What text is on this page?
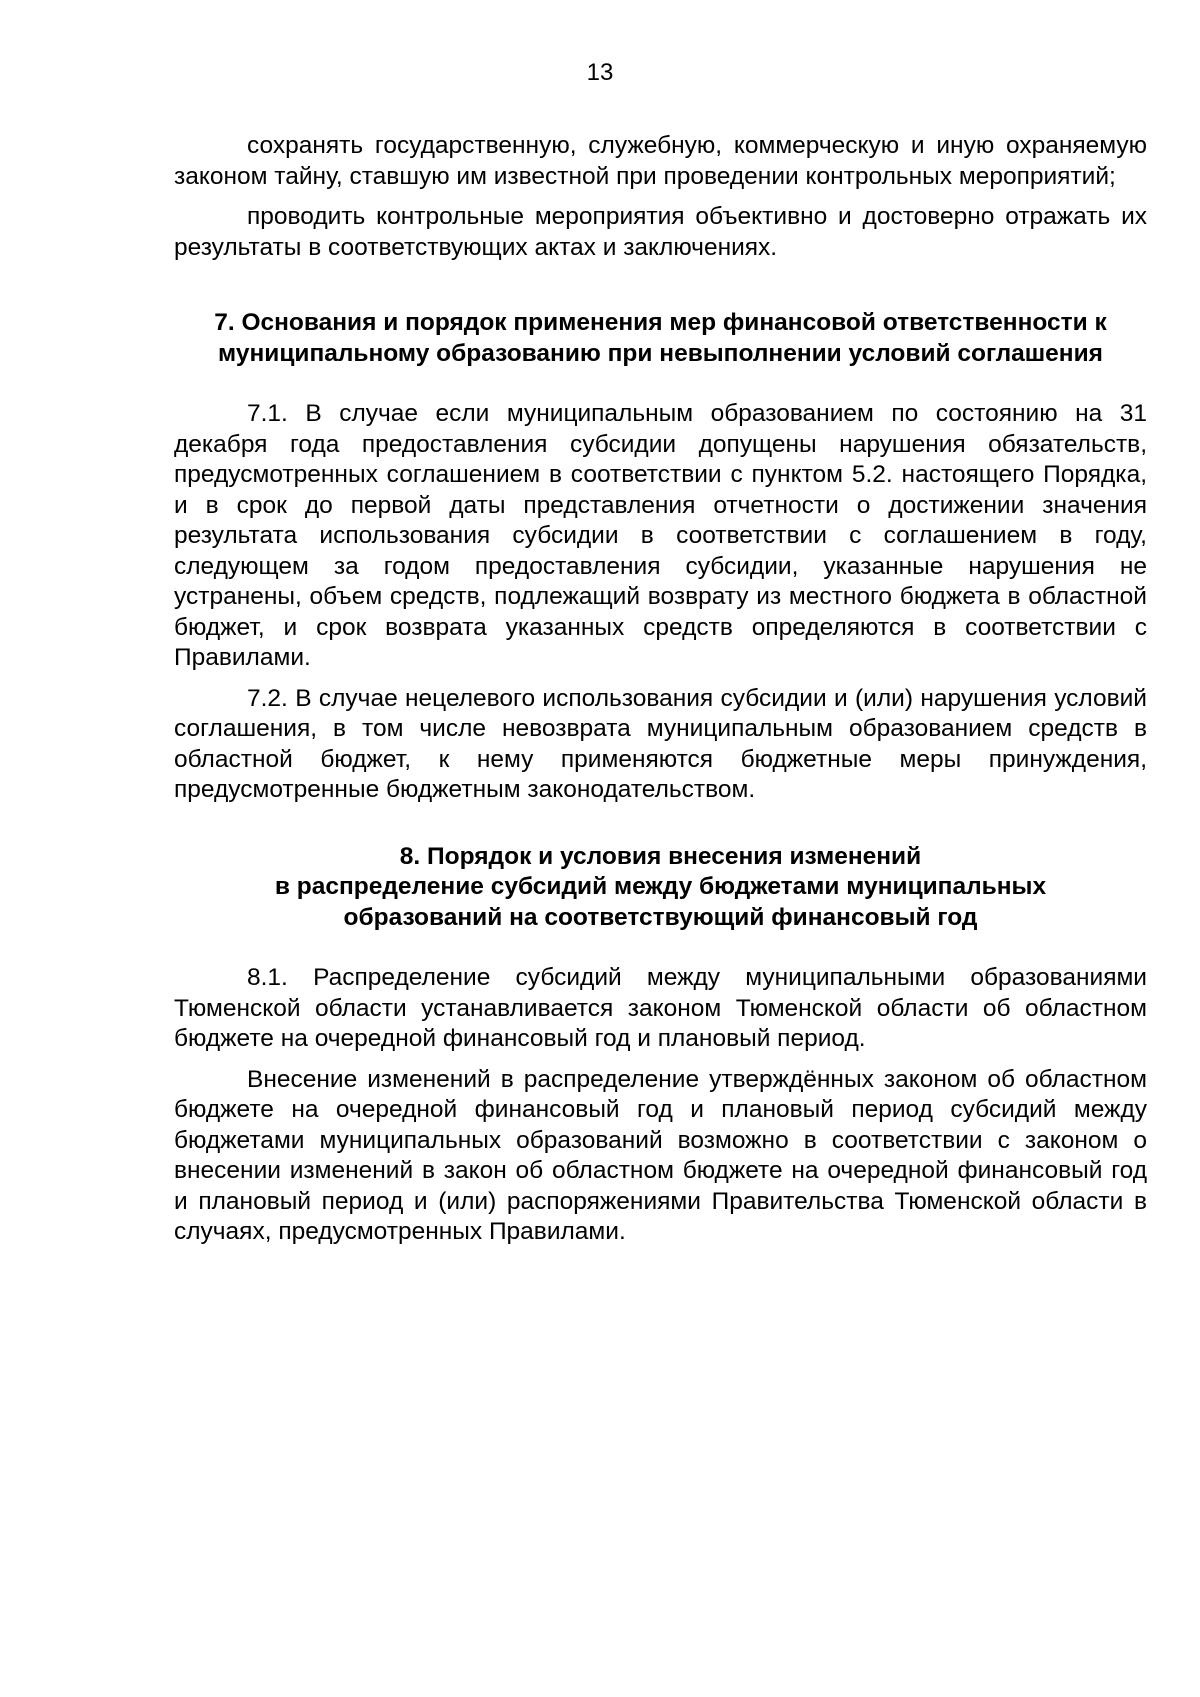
13

сохранять государственную, служебную, коммерческую и иную охраняемую законом тайну, ставшую им известной при проведении контрольных мероприятий;

проводить контрольные мероприятия объективно и достоверно отражать их результаты в соответствующих актах и заключениях.

7. Основания и порядок применения мер финансовой ответственности к
муниципальному образованию при невыполнении условий соглашения

7.1. В случае если муниципальным образованием по состоянию на 31 декабря года предоставления субсидии допущены нарушения обязательств, предусмотренных соглашением в соответствии с пунктом 5.2. настоящего Порядка, и в срок до первой даты представления отчетности о достижении значения результата использования субсидии в соответствии с соглашением в году, следующем за годом предоставления субсидии, указанные нарушения не устранены, объем средств, подлежащий возврату из местного бюджета в областной бюджет, и срок возврата указанных средств определяются в соответствии с Правилами.

7.2. В случае нецелевого использования субсидии и (или) нарушения условий соглашения, в том числе невозврата муниципальным образованием средств в областной бюджет, к нему применяются бюджетные меры принуждения, предусмотренные бюджетным законодательством.

8. Порядок и условия внесения изменений
в распределение субсидий между бюджетами муниципальных
образований на соответствующий финансовый год

8.1. Распределение субсидий между муниципальными образованиями Тюменской области устанавливается законом Тюменской области об областном бюджете на очередной финансовый год и плановый период.

Внесение изменений в распределение утверждённых законом об областном бюджете на очередной финансовый год и плановый период субсидий между бюджетами муниципальных образований возможно в соответствии с законом о внесении изменений в закон об областном бюджете на очередной финансовый год и плановый период и (или) распоряжениями Правительства Тюменской области в случаях, предусмотренных Правилами.
